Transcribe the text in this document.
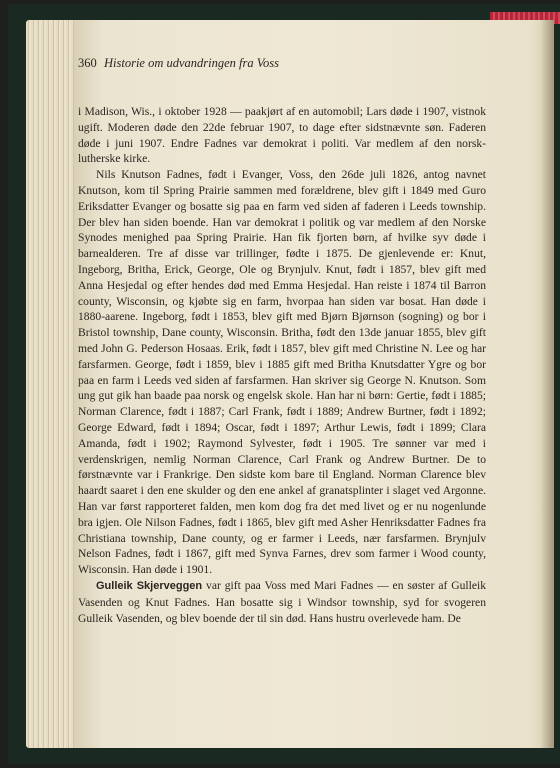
360 Historie om udvandringen fra Voss

i Madison, Wis., i oktober 1928 — paakjørt af en automobil; Lars døde i 1907, vistnok ugift. Moderen døde den 22de februar 1907, to dage efter sidstnævnte søn. Faderen døde i juni 1907. Endre Fadnes var demokrat i politi. Var medlem af den norsk-lutherske kirke.

Nils Knutson Fadnes, født i Evanger, Voss, den 26de juli 1826, antog navnet Knutson, kom til Spring Prairie sammen med forældrene, blev gift i 1849 med Guro Eriksdatter Evanger og bosatte sig paa en farm ved siden af faderen i Leeds township. Der blev han siden boende. Han var demokrat i politik og var medlem af den Norske Synodes menighed paa Spring Prairie. Han fik fjorten børn, af hvilke syv døde i barnealderen. Tre af disse var trillinger, fødte i 1875. De gjenlevende er: Knut, Ingeborg, Britha, Erick, George, Ole og Brynjulv. Knut, født i 1857, blev gift med Anna Hesjedal og efter hendes død med Emma Hesjedal. Han reiste i 1874 til Barron county, Wisconsin, og kjøbte sig en farm, hvorpaa han siden var bosat. Han døde i 1880-aarene. Ingeborg, født i 1853, blev gift med Bjørn Bjørnson (sogning) og bor i Bristol township, Dane county, Wisconsin. Britha, født den 13de januar 1855, blev gift med John G. Pederson Hosaas. Erik, født i 1857, blev gift med Christine N. Lee og har farsfarmen. George, født i 1859, blev i 1885 gift med Britha Knutsdatter Ygre og bor paa en farm i Leeds ved siden af farsfarmen. Han skriver sig George N. Knutson. Som ung gut gik han baade paa norsk og engelsk skole. Han har ni børn: Gertie, født i 1885; Norman Clarence, født i 1887; Carl Frank, født i 1889; Andrew Burtner, født i 1892; George Edward, født i 1894; Oscar, født i 1897; Arthur Lewis, født i 1899; Clara Amanda, født i 1902; Raymond Sylvester, født i 1905. Tre sønner var med i verdenskrigen, nemlig Norman Clarence, Carl Frank og Andrew Burtner. De to førstnævnte var i Frankrige. Den sidste kom bare til England. Norman Clarence blev haardt saaret i den ene skulder og den ene ankel af granatsplinter i slaget ved Argonne. Han var først rapporteret falden, men kom dog fra det med livet og er nu nogenlunde bra igjen. Ole Nilson Fadnes, født i 1865, blev gift med Asher Henriksdatter Fadnes fra Christiana township, Dane county, og er farmer i Leeds, nær farsfarmen. Brynjulv Nelson Fadnes, født i 1867, gift med Synva Farnes, drev som farmer i Wood county, Wisconsin. Han døde i 1901.

Gulleik Skjerveggen var gift paa Voss med Mari Fadnes — en søster af Gulleik Vasenden og Knut Fadnes. Han bosatte sig i Windsor township, syd for svogeren Gulleik Vasenden, og blev boende der til sin død. Hans hustru overlevede ham. De
